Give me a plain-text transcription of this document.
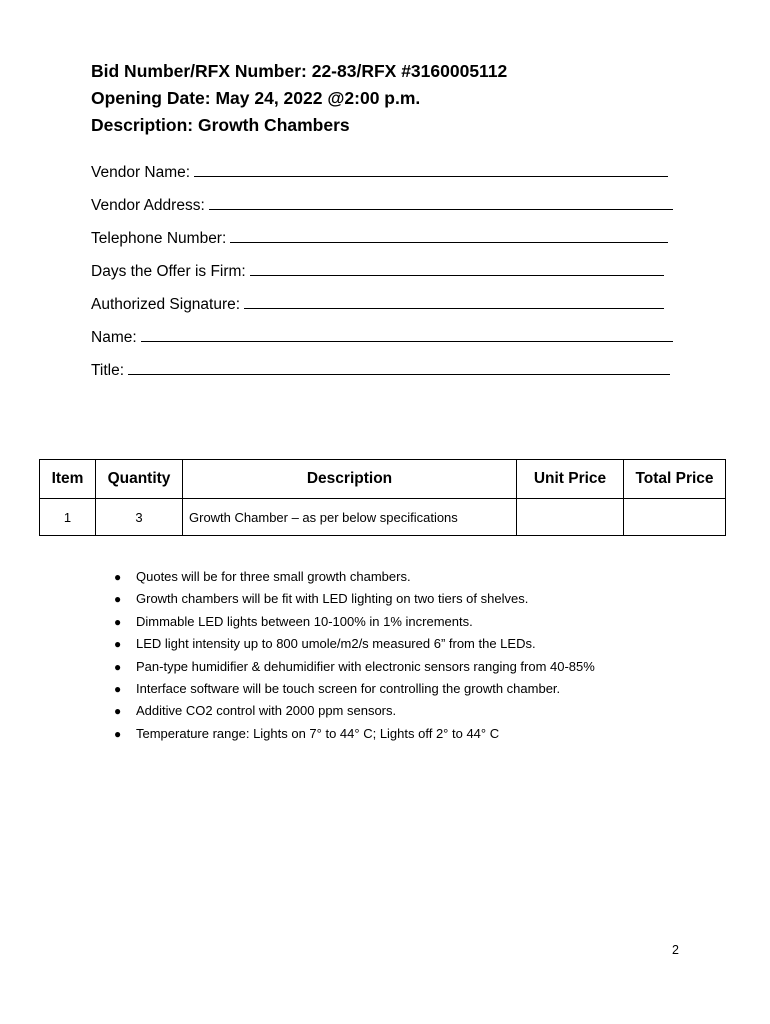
Bid Number/RFX Number: 22-83/RFX #3160005112
Opening Date: May 24, 2022 @2:00 p.m.
Description: Growth Chambers
Vendor Name:
Vendor Address:
Telephone Number:
Days the Offer is Firm:
Authorized Signature:
Name:
Title:
Item	Quantity	Description	Unit Price	Total Price
1	3	Growth Chamber – as per below specifications		
● Quotes will be for three small growth chambers.
● Growth chambers will be fit with LED lighting on two tiers of shelves.
● Dimmable LED lights between 10-100% in 1% increments.
● LED light intensity up to 800 umole/m2/s measured 6” from the LEDs.
● Pan-type humidifier & dehumidifier with electronic sensors ranging from 40-85%
● Interface software will be touch screen for controlling the growth chamber.
● Additive CO2 control with 2000 ppm sensors.
● Temperature range: Lights on 7° to 44° C; Lights off 2° to 44° C
2
